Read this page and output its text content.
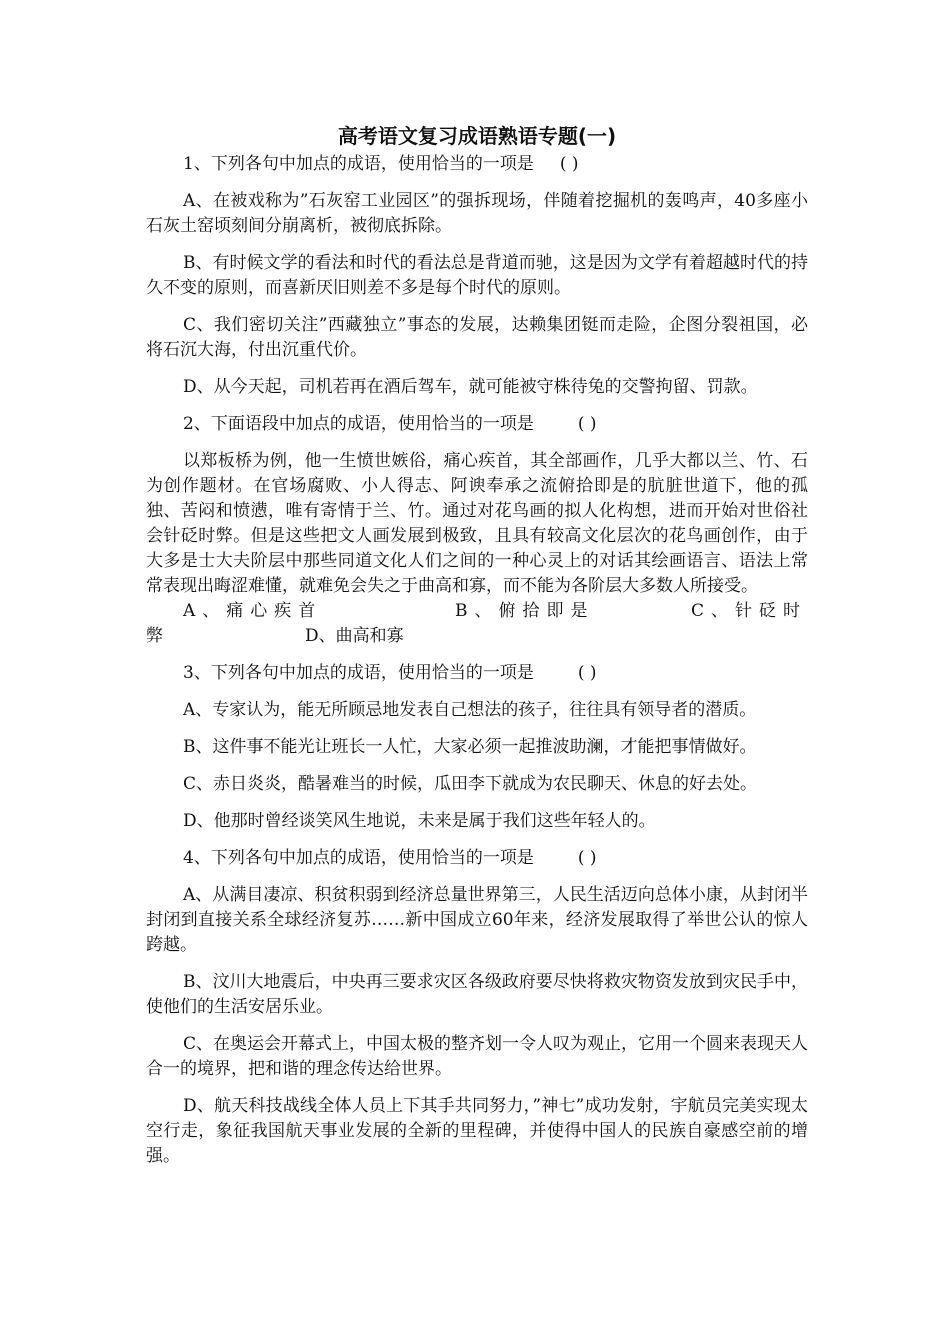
高考语文复习成语熟语专题(一)

1、下列各句中加点的成语，使用恰当的一项是 ( )

A、在被戏称为”石灰窑工业园区”的强拆现场，伴随着挖掘机的轰鸣声，40多座小石灰土窑顷刻间分崩离析，被彻底拆除。

B、有时候文学的看法和时代的看法总是背道而驰，这是因为文学有着超越时代的持久不变的原则，而喜新厌旧则差不多是每个时代的原则。

C、我们密切关注”西藏独立”事态的发展，达赖集团铤而走险，企图分裂祖国，必将石沉大海，付出沉重代价。

D、从今天起，司机若再在酒后驾车，就可能被守株待兔的交警拘留、罚款。

2、下面语段中加点的成语，使用恰当的一项是	( )

以郑板桥为例，他一生愤世嫉俗，痛心疾首，其全部画作，几乎大都以兰、竹、石为创作题材。在官场腐败、小人得志、阿谀奉承之流俯拾即是的肮脏世道下，他的孤独、苦闷和愤懑，唯有寄情于兰、竹。通过对花鸟画的拟人化构想，进而开始对世俗社会针砭时弊。但是这些把文人画发展到极致，且具有较高文化层次的花鸟画创作，由于大多是士大夫阶层中那些同道文化人们之间的一种心灵上的对话其绘画语言、语法上常常表现出晦涩难懂，就难免会失之于曲高和寡，而不能为各阶层大多数人所接受。

A、痛心疾首	B、俯拾即是	C、针砭时

弊	D、曲高和寡

3、下列各句中加点的成语，使用恰当的一项是	( )

A、专家认为，能无所顾忌地发表自己想法的孩子，往往具有领导者的潜质。

B、这件事不能光让班长一人忙，大家必须一起推波助澜，才能把事情做好。

C、赤日炎炎，酷暑难当的时候，瓜田李下就成为农民聊天、休息的好去处。

D、他那时曾经谈笑风生地说，未来是属于我们这些年轻人的。

4、下列各句中加点的成语，使用恰当的一项是	( )

A、从满目凄凉、积贫积弱到经济总量世界第三，人民生活迈向总体小康，从封闭半封闭到直接关系全球经济复苏……新中国成立60年来，经济发展取得了举世公认的惊人跨越。

B、汶川大地震后，中央再三要求灾区各级政府要尽快将救灾物资发放到灾民手中，使他们的生活安居乐业。

C、在奥运会开幕式上，中国太极的整齐划一令人叹为观止，它用一个圆来表现天人合一的境界，把和谐的理念传达给世界。

D、航天科技战线全体人员上下其手共同努力，”神七”成功发射，宇航员完美实现太空行走，象征我国航天事业发展的全新的里程碑，并使得中国人的民族自豪感空前的增强。
